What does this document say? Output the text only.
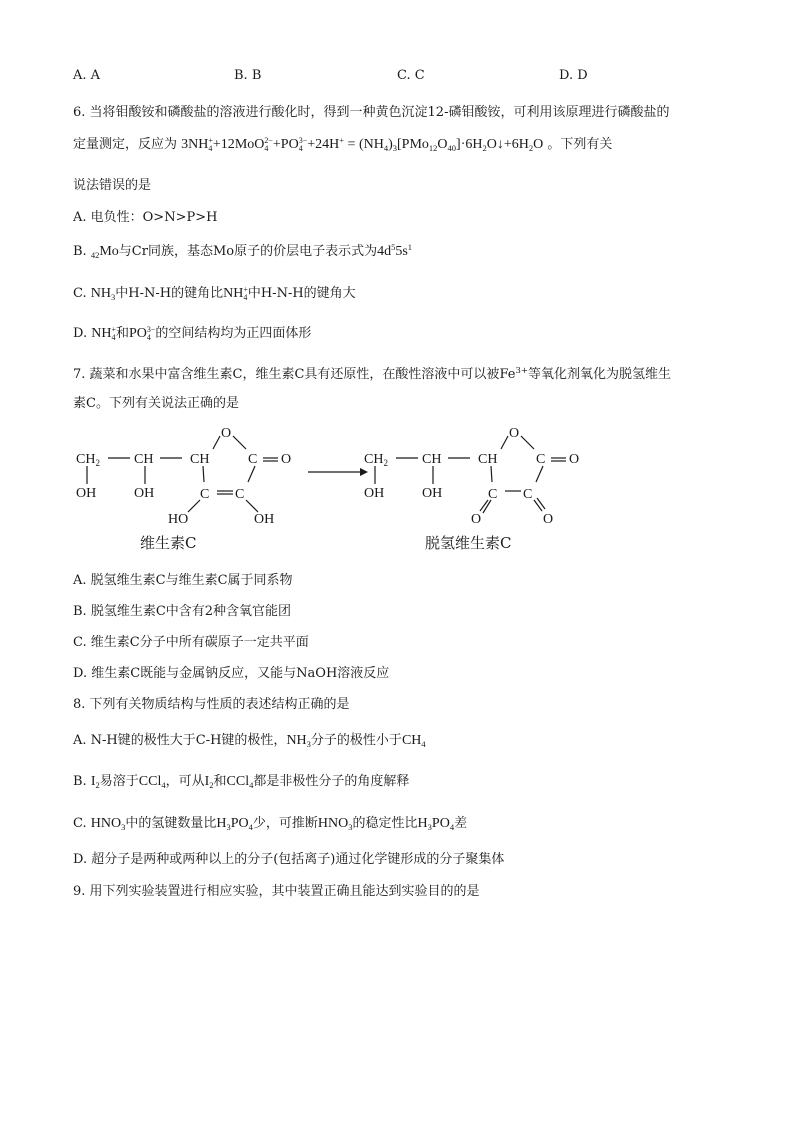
A. A	B. B	C. C	D. D
6. 当将钼酸铵和磷酸盐的溶液进行酸化时，得到一种黄色沉淀12-磷钼酸铵，可利用该原理进行磷酸盐的
定量测定，反应为 3NH +
4 +12MoO 2−
4 +PO 3−
$4 +24H^+ = (NH_4)_3[PMo_{12}O_{40}]\cdot 6H_2O↓+6H_2O$ 。下列有关
说法错误的是
A. 电负性：O>N>P>H
B. $_{42}$Mo与Cr同族，基态Mo原子的价层电子表示式为$4d^55s^1$
C. $NH_3$中H-N-H的键角比NH +
4 中H-N-H的键角大
D. NH +
4 和PO 3−
4 的空间结构均为正四面体形
7. 蔬菜和水果中富含维生素C，维生素C具有还原性，在酸性溶液中可以被$Fe^{3+}$等氧化剂氧化为脱氢维生
素C。下列有关说法正确的是
$CH_2$ CH	CH
O
C O
C C
OH	OH
HO	OH
$CH_2$ CH	CH
O
C O
C C
OH	OH
O	O
维生素C	脱氢维生素C
A. 脱氢维生素C与维生素C属于同系物
B. 脱氢维生素C中含有2种含氧官能团
C. 维生素C分子中所有碳原子一定共平面
D. 维生素C既能与金属钠反应，又能与NaOH溶液反应
8. 下列有关物质结构与性质的表述结构正确的是
A. N-H键的极性大于C-H键的极性，$NH_3$分子的极性小于$CH_4$
B. $I_2$易溶于CCl$_4$，可从$I_2$和CCl$_4$都是非极性分子的角度解释
C. $HNO_3$中的氢键数量比$H_3PO_4$少，可推断$HNO_3$的稳定性比$H_3PO_4$差
D. 超分子是两种或两种以上的分子(包括离子)通过化学键形成的分子聚集体
9. 用下列实验装置进行相应实验，其中装置正确且能达到实验目的的是
